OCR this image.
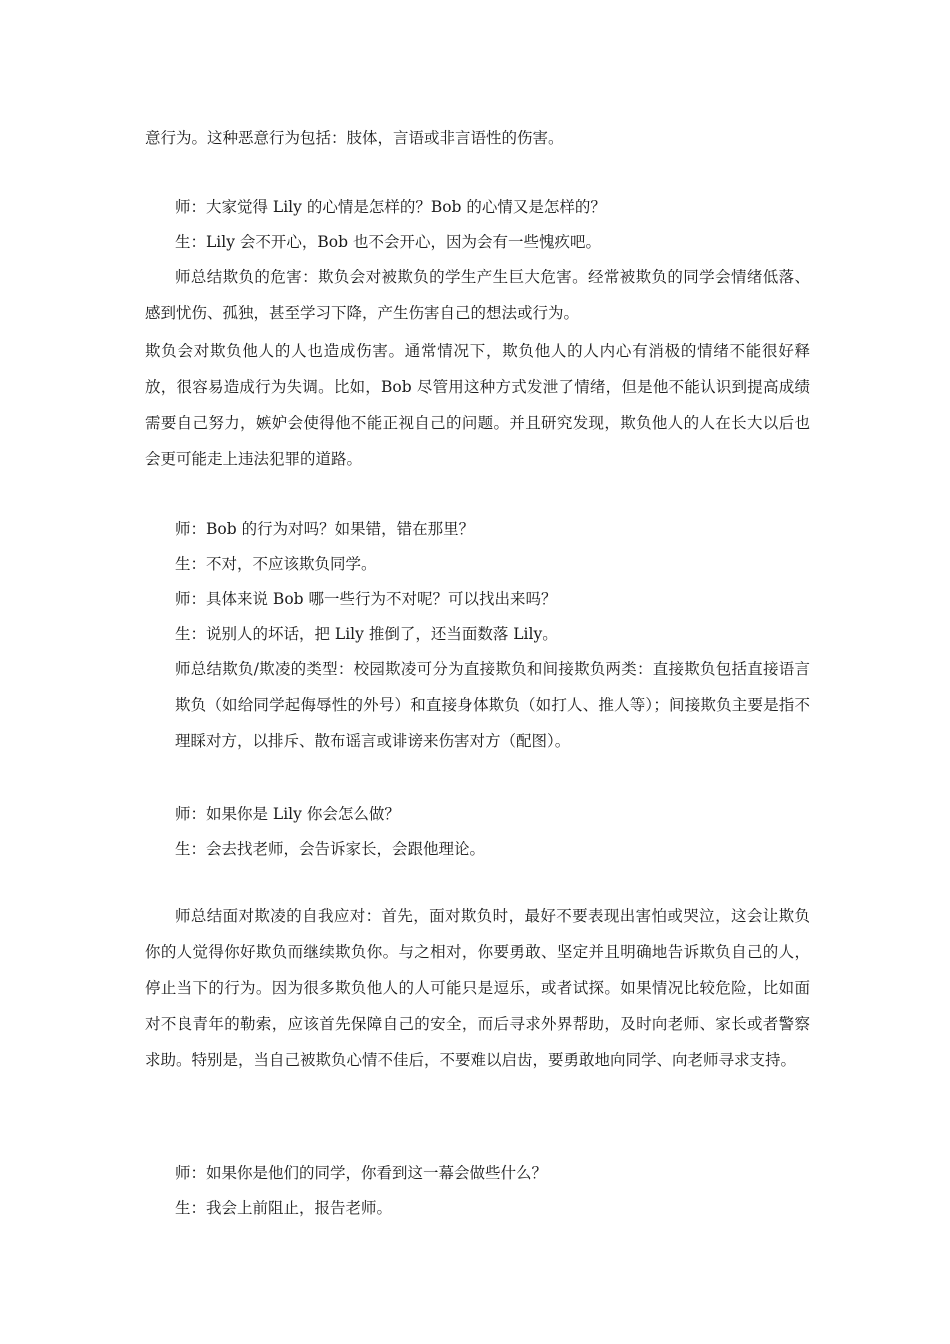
意行为。这种恶意行为包括：肢体，言语或非言语性的伤害。

师：大家觉得 Lily 的心情是怎样的？Bob 的心情又是怎样的？

生：Lily 会不开心，Bob 也不会开心，因为会有一些愧疚吧。

师总结欺负的危害：欺负会对被欺负的学生产生巨大危害。经常被欺负的同学会情绪低落、感到忧伤、孤独，甚至学习下降，产生伤害自己的想法或行为。

欺负会对欺负他人的人也造成伤害。通常情况下，欺负他人的人内心有消极的情绪不能很好释放，很容易造成行为失调。比如，Bob 尽管用这种方式发泄了情绪，但是他不能认识到提高成绩需要自己努力，嫉妒会使得他不能正视自己的问题。并且研究发现，欺负他人的人在长大以后也会更可能走上违法犯罪的道路。

师：Bob 的行为对吗？如果错，错在那里？

生：不对，不应该欺负同学。

师：具体来说 Bob 哪一些行为不对呢？可以找出来吗？

生：说别人的坏话，把 Lily 推倒了，还当面数落 Lily。

师总结欺负/欺凌的类型：校园欺凌可分为直接欺负和间接欺负两类：直接欺负包括直接语言欺负（如给同学起侮辱性的外号）和直接身体欺负（如打人、推人等）；间接欺负主要是指不理睬对方，以排斥、散布谣言或诽谤来伤害对方（配图）。

师：如果你是 Lily 你会怎么做？

生：会去找老师，会告诉家长，会跟他理论。

师总结面对欺凌的自我应对：首先，面对欺负时，最好不要表现出害怕或哭泣，这会让欺负你的人觉得你好欺负而继续欺负你。与之相对，你要勇敢、坚定并且明确地告诉欺负自己的人，停止当下的行为。因为很多欺负他人的人可能只是逗乐，或者试探。如果情况比较危险，比如面对不良青年的勒索，应该首先保障自己的安全，而后寻求外界帮助，及时向老师、家长或者警察求助。特别是，当自己被欺负心情不佳后，不要难以启齿，要勇敢地向同学、向老师寻求支持。

师：如果你是他们的同学，你看到这一幕会做些什么？

生：我会上前阻止，报告老师。
